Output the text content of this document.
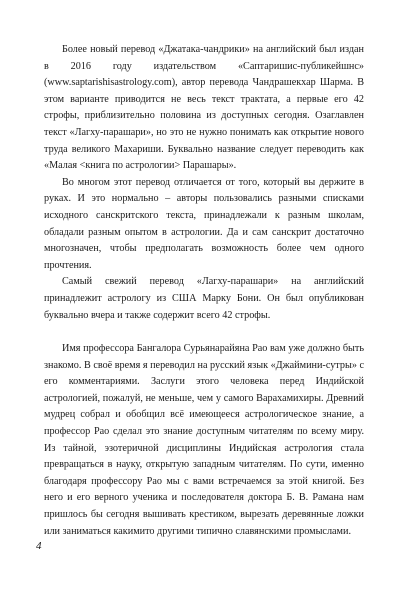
Более новый перевод «Джатака-чандрики» на английский был издан в 2016 году издательством «Саптаришис-публикейшнс» (www.saptarishisastrology.com), автор перевода Чандрашекхар Шарма. В этом варианте приводится не весь текст трактата, а первые его 42 строфы, приблизительно половина из доступных сегодня. Озаглавлен текст «Лагху-парашари», но это не нужно понимать как открытие нового труда великого Махариши. Буквально название следует переводить как «Малая <книга по астрологии> Парашары».

Во многом этот перевод отличается от того, который вы держите в руках. И это нормально – авторы пользовались разными списками исходного санскритского текста, принадлежали к разным школам, обладали разным опытом в астрологии. Да и сам санскрит достаточно многозначен, чтобы предполагать возможность более чем одного прочтения.

Самый свежий перевод «Лагху-парашари» на английский принадлежит астрологу из США Марку Бони. Он был опубликован буквально вчера и также содержит всего 42 строфы.

Имя профессора Бангалора Сурьянарайяна Рао вам уже должно быть знакомо. В своё время я переводил на русский язык «Джаймини-сутры» с его комментариями. Заслуги этого человека перед Индийской астрологией, пожалуй, не меньше, чем у самого Варахамихиры. Древний мудрец собрал и обобщил всё имеющееся астрологическое знание, а профессор Рао сделал это знание доступным читателям по всему миру. Из тайной, эзотеричной дисциплины Индийская астрология стала превращаться в науку, открытую западным читателям. По сути, именно благодаря профессору Рао мы с вами встречаемся за этой книгой. Без него и его верного ученика и последователя доктора Б. В. Рамана нам пришлось бы сегодня вышивать крестиком, вырезать деревянные ложки или заниматься какимито другими типично славянскими промыслами.

4
